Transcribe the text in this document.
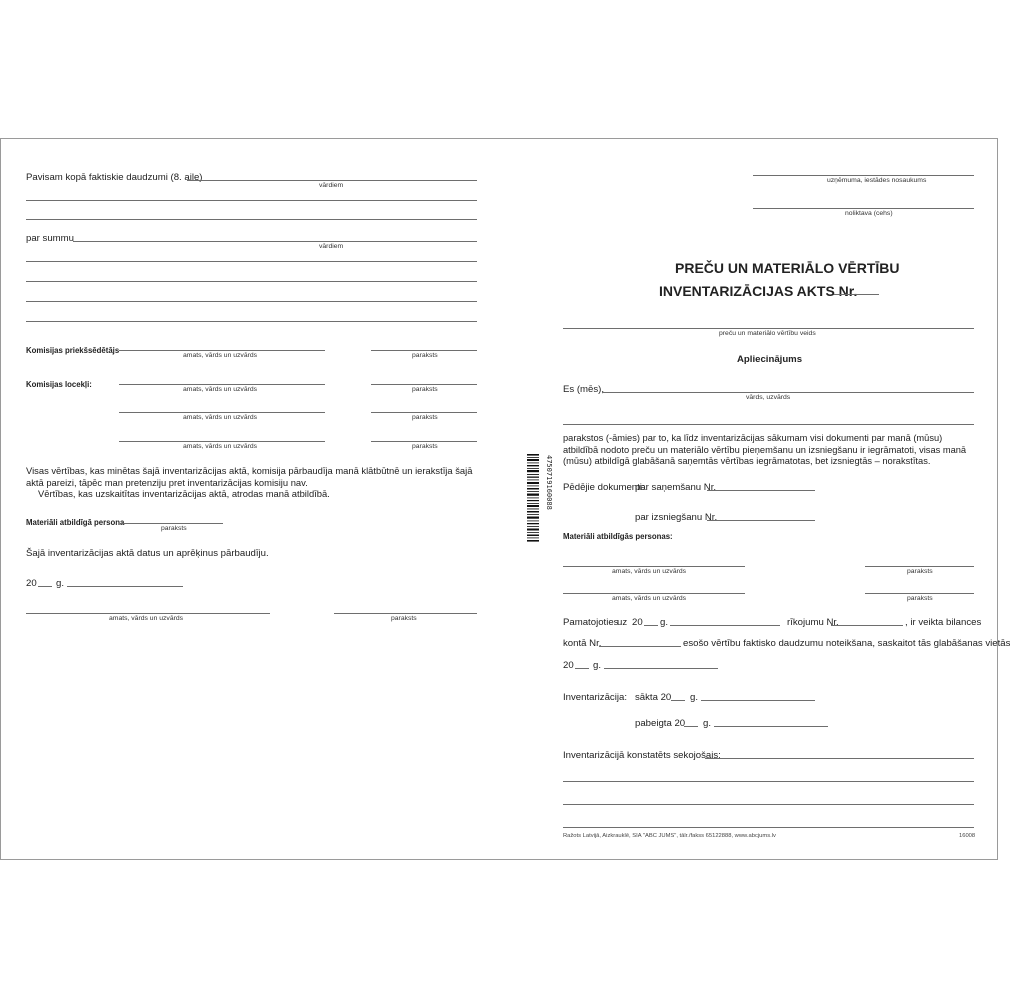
Pavisam kopā faktiskie daudzumi (8. aile)
vārdiem
par summu
vārdiem
Komisijas priekšsēdētājs
amats, vārds un uzvārds	paraksts
Komisijas locekļi:
amats, vārds un uzvārds	paraksts
amats, vārds un uzvārds	paraksts
amats, vārds un uzvārds	paraksts
Visas vērtības, kas minētas šajā inventarizācijas aktā, komisija pārbaudīja manā klātbūtnē un ierakstīja šajā aktā pareizi, tāpēc man pretenziju pret inventarizācijas komisiju nav.
Vērtības, kas uzskaitītas inventarizācijas aktā, atrodas manā atbildībā.
Materiāli atbildīgā persona
paraksts
Šajā inventarizācijas aktā datus un aprēķinus pārbaudīju.
20 g.
amats, vārds un uzvārds	paraksts
4750719160088
uzņēmuma, iestādes nosaukums
noliktava (cehs)
PREČU UN MATERIĀLO VĒRTĪBU
INVENTARIZĀCIJAS AKTS Nr.
preču un materiālo vērtību veids
Apliecinājums
Es (mēs),
vārds, uzvārds
parakstos (-āmies) par to, ka līdz inventarizācijas sākumam visi dokumenti par manā (mūsu) atbildībā nodoto preču un materiālo vērtību pieņemšanu un izsniegšanu ir iegrāmatoti, visas manā (mūsu) atbildīgā glabāšanā saņemtās vērtības iegrāmatotas, bet izsniegtās – norakstītas.
Pēdējie dokumenti:
par saņemšanu Nr.
par izsniegšanu Nr.
Materiāli atbildīgās personas:
amats, vārds un uzvārds	paraksts
amats, vārds un uzvārds	paraksts
Pamatojoties
uz 20 g.	rīkojumu Nr.	, ir veikta bilances
kontā Nr.	esošo vērtību faktisko daudzumu noteikšana, saskaitot tās glabāšanas vietās
20 g.
Inventarizācija: sākta 20 g.
pabeigta 20 g.
Inventarizācijā konstatēts sekojošais:
Ražots Latvijā, Aizkrauklē, SIA "ABC JUMS", tālr./fakss 65122888, www.abcjums.lv	16008
